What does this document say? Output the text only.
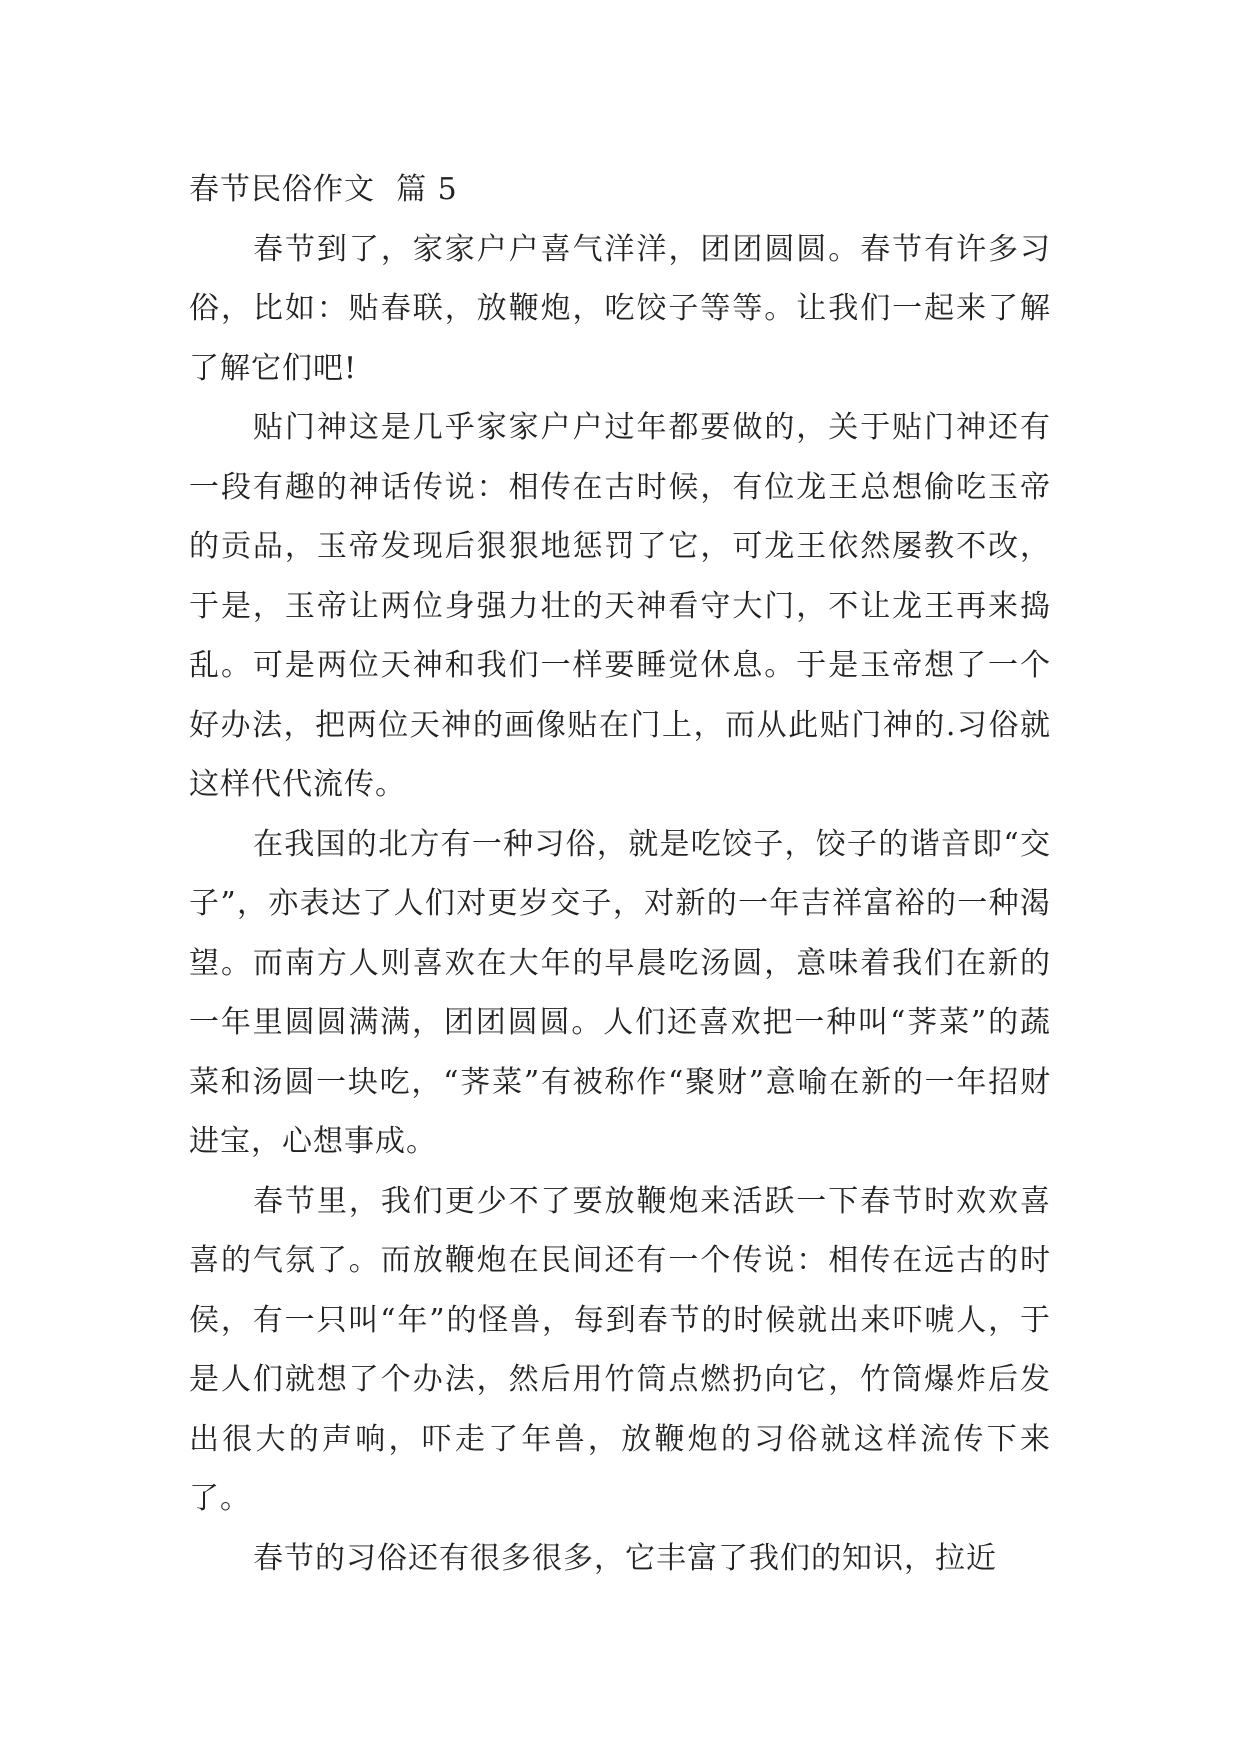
春节民俗作文  篇 5

春节到了，家家户户喜气洋洋，团团圆圆。春节有许多习俗，比如：贴春联，放鞭炮，吃饺子等等。让我们一起来了解了解它们吧!

贴门神这是几乎家家户户过年都要做的，关于贴门神还有一段有趣的神话传说：相传在古时候，有位龙王总想偷吃玉帝的贡品，玉帝发现后狠狠地惩罚了它，可龙王依然屡教不改，于是，玉帝让两位身强力壮的天神看守大门，不让龙王再来捣乱。可是两位天神和我们一样要睡觉休息。于是玉帝想了一个好办法，把两位天神的画像贴在门上，而从此贴门神的.习俗就这样代代流传。

在我国的北方有一种习俗，就是吃饺子，饺子的谐音即“交子”，亦表达了人们对更岁交子，对新的一年吉祥富裕的一种渴望。而南方人则喜欢在大年的早晨吃汤圆，意味着我们在新的一年里圆圆满满，团团圆圆。人们还喜欢把一种叫“荠菜”的蔬菜和汤圆一块吃，“荠菜”有被称作“聚财”意喻在新的一年招财进宝，心想事成。

春节里，我们更少不了要放鞭炮来活跃一下春节时欢欢喜喜的气氛了。而放鞭炮在民间还有一个传说：相传在远古的时侯，有一只叫“年”的怪兽，每到春节的时候就出来吓唬人，于是人们就想了个办法，然后用竹筒点燃扔向它，竹筒爆炸后发出很大的声响，吓走了年兽，放鞭炮的习俗就这样流传下来了。

春节的习俗还有很多很多，它丰富了我们的知识，拉近
